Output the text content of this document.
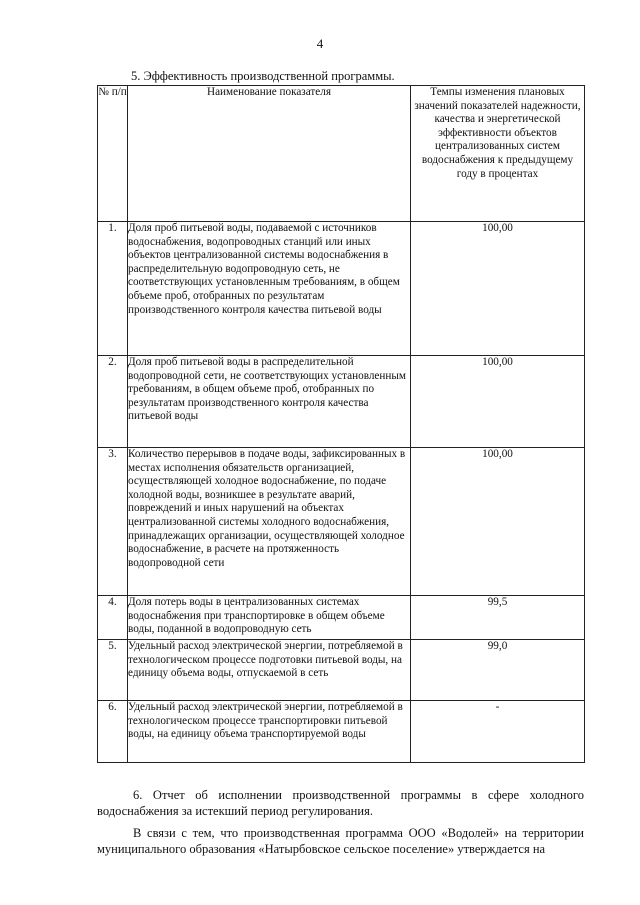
4
5. Эффективность производственной программы.
№ п/п	Наименование показателя	Темпы изменения плановых значений показателей надежности, качества и энергетической эффективности объектов централизованных систем водоснабжения к предыдущему году в процентах
1.	Доля проб питьевой воды, подаваемой с источников водоснабжения, водопроводных станций или иных объектов централизованной системы водоснабжения в распределительную водопроводную сеть, не соответствующих установленным требованиям, в общем объеме проб, отобранных по результатам производственного контроля качества питьевой воды	100,00
2.	Доля проб питьевой воды в распределительной водопроводной сети, не соответствующих установленным требованиям, в общем объеме проб, отобранных по результатам производственного контроля качества питьевой воды	100,00
3.	Количество перерывов в подаче воды, зафиксированных в местах исполнения обязательств организацией, осуществляющей холодное водоснабжение, по подаче холодной воды, возникшее в результате аварий, повреждений и иных нарушений на объектах централизованной системы холодного водоснабжения, принадлежащих организации, осуществляющей холодное водоснабжение, в расчете на протяженность водопроводной сети	100,00
4.	Доля потерь воды в централизованных системах водоснабжения при транспортировке в общем объеме воды, поданной в водопроводную сеть	99,5
5.	Удельный расход электрической энергии, потребляемой в технологическом процессе подготовки питьевой воды, на единицу объема воды, отпускаемой в сеть	99,0
6.	Удельный расход электрической энергии, потребляемой в технологическом процессе транспортировки питьевой воды, на единицу объема транспортируемой воды	-

6. Отчет об исполнении производственной программы в сфере холодного водоснабжения за истекший период регулирования.

В связи с тем, что производственная программа ООО «Водолей» на территории муниципального образования «Натырбовское сельское поселение» утверждается на
